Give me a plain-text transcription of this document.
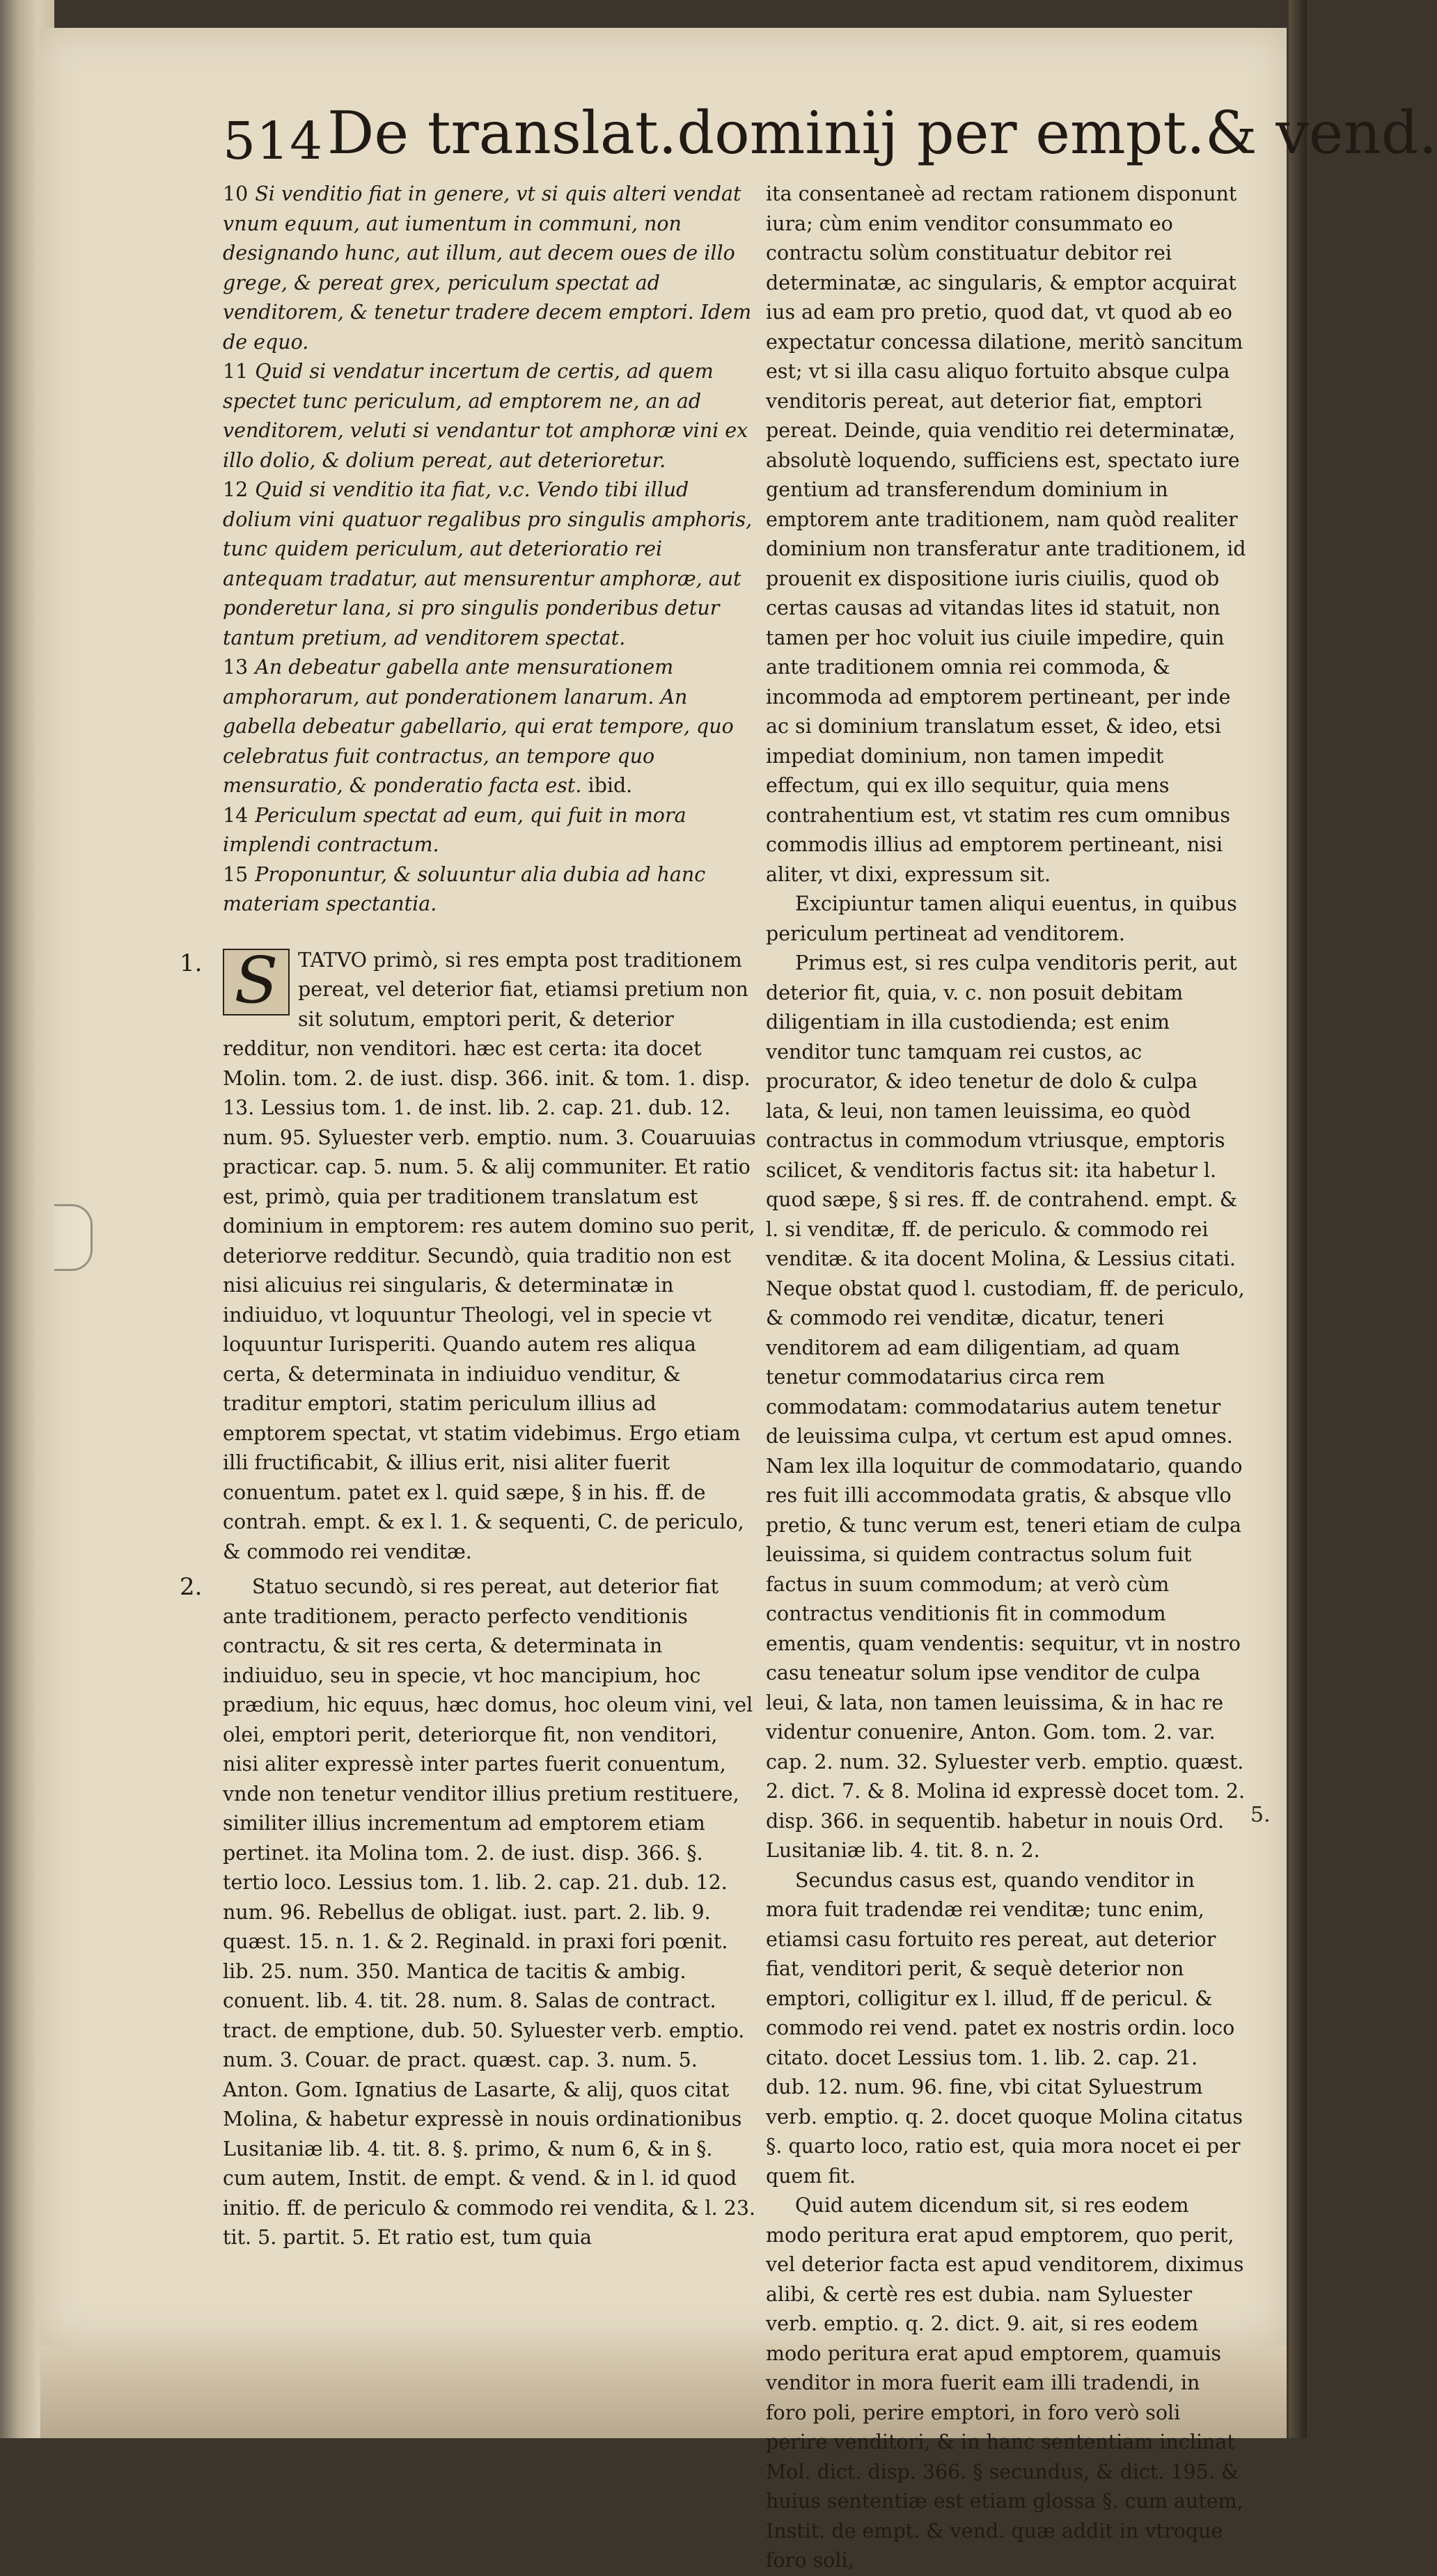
514 De translat.dominij per empt.& vend.

10 Si venditio fiat in genere, vt si quis alteri vendat vnum equum, aut iumentum in communi, non designando hunc, aut illum, aut decem oues de illo grege, & pereat grex, periculum spectat ad venditorem, & tenetur tradere decem emptori. Idem de equo.

11 Quid si vendatur incertum de certis, ad quem spectet tunc periculum, ad emptorem ne, an ad venditorem, veluti si vendantur tot amphoræ vini ex illo dolio, & dolium pereat, aut deterioretur.

12 Quid si venditio ita fiat, v.c. Vendo tibi illud dolium vini quatuor regalibus pro singulis amphoris, tunc quidem periculum, aut deterioratio rei antequam tradatur, aut mensurentur amphoræ, aut ponderetur lana, si pro singulis ponderibus detur tantum pretium, ad venditorem spectat.

13 An debeatur gabella ante mensurationem amphorarum, aut ponderationem lanarum. An gabella debeatur gabellario, qui erat tempore, quo celebratus fuit contractus, an tempore quo mensuratio, & ponderatio facta est. ibid.

14 Periculum spectat ad eum, qui fuit in mora implendi contractum.

15 Proponuntur, & soluuntur alia dubia ad hanc materiam spectantia.

1. S TATVO primò, si res empta post traditionem pereat, vel deterior fiat, etiamsi pretium non sit solutum, emptori perit, & deterior redditur, non venditori. hæc est certa: ita docet Molin. tom. 2. de iust. disp. 366. init. & tom. 1. disp. 13. Lessius tom. 1. de inst. lib. 2. cap. 21. dub. 12. num. 95. Syluester verb. emptio. num. 3. Couaruuias practicar. cap. 5. num. 5. & alij communiter. Et ratio est, primò, quia per traditionem translatum est dominium in emptorem: res autem domino suo perit, deteriorve redditur. Secundò, quia traditio non est nisi alicuius rei singularis, & determinatæ in indiuiduo, vt loquuntur Theologi, vel in specie vt loquuntur Iurisperiti. Quando autem res aliqua certa, & determinata in indiuiduo venditur, & traditur emptori, statim periculum illius ad emptorem spectat, vt statim videbimus. Ergo etiam illi fructificabit, & illius erit, nisi aliter fuerit conuentum. patet ex l. quid sæpe, § in his. ff. de contrah. empt. & ex l. 1. & sequenti, C. de periculo, & commodo rei venditæ.

2.	Statuo secundò, si res pereat, aut deterior fiat ante traditionem, peracto perfecto venditionis contractu, & sit res certa, & determinata in indiuiduo, seu in specie, vt hoc mancipium, hoc prædium, hic equus, hæc domus, hoc oleum vini, vel olei, emptori perit, deteriorque fit, non venditori, nisi aliter expressè inter partes fuerit conuentum, vnde non tenetur venditor illius pretium restituere, similiter illius incrementum ad emptorem etiam pertinet. ita Molina tom. 2. de iust. disp. 366. §. tertio loco. Lessius tom. 1. lib. 2. cap. 21. dub. 12. num. 96. Rebellus de obligat. iust. part. 2. lib. 9. quæst. 15. n. 1. & 2. Reginald. in praxi fori pœnit. lib. 25. num. 350. Mantica de tacitis & ambig. conuent. lib. 4. tit. 28. num. 8. Salas de contract. tract. de emptione, dub. 50. Syluester verb. emptio. num. 3. Couar. de pract. quæst. cap. 3. num. 5. Anton. Gom. Ignatius de Lasarte, & alij, quos citat Molina, & habetur expressè in nouis ordinationibus Lusitaniæ lib. 4. tit. 8. §. primo, & num 6, & in §. cum autem, Instit. de empt. & vend. & in l. id quod initio. ff. de periculo & commodo rei vendita, & l. 23. tit. 5. partit. 5. Et ratio est, tum quia

ita consentaneè ad rectam rationem disponunt iura; cùm enim venditor consummato eo contractu solùm constituatur debitor rei determinatæ, ac singularis, & emptor acquirat ius ad eam pro pretio, quod dat, vt quod ab eo expectatur concessa dilatione, meritò sancitum est; vt si illa casu aliquo fortuito absque culpa venditoris pereat, aut deterior fiat, emptori pereat. Deinde, quia venditio rei determinatæ, absolutè loquendo, sufficiens est, spectato iure gentium ad transferendum dominium in emptorem ante traditionem, nam quòd realiter dominium non transferatur ante traditionem, id prouenit ex dispositione iuris ciuilis, quod ob certas causas ad vitandas lites id statuit, non tamen per hoc voluit ius ciuile impedire, quin ante traditionem omnia rei commoda, & incommoda ad emptorem pertineant, per inde ac si dominium translatum esset, & ideo, etsi impediat dominium, non tamen impedit effectum, qui ex illo sequitur, quia mens contrahentium est, vt statim res cum omnibus commodis illius ad emptorem pertineant, nisi aliter, vt dixi, expressum sit.

Excipiuntur tamen aliqui euentus, in quibus periculum pertineat ad venditorem.

Primus est, si res culpa venditoris perit, aut deterior fit, quia, v. c. non posuit debitam diligentiam in illa custodienda; est enim venditor tunc tamquam rei custos, ac procurator, & ideo tenetur de dolo & culpa lata, & leui, non tamen leuissima, eo quòd contractus in commodum vtriusque, emptoris scilicet, & venditoris factus sit: ita habetur l. quod sæpe, § si res. ff. de contrahend. empt. & l. si venditæ, ff. de periculo. & commodo rei venditæ. & ita docent Molina, & Lessius citati. Neque obstat quod l. custodiam, ff. de periculo, & commodo rei venditæ, dicatur, teneri venditorem ad eam diligentiam, ad quam tenetur commodatarius circa rem commodatam: commodatarius autem tenetur de leuissima culpa, vt certum est apud omnes. Nam lex illa loquitur de commodatario, quando res fuit illi accommodata gratis, & absque vllo pretio, & tunc verum est, teneri etiam de culpa leuissima, si quidem contractus solum fuit factus in suum commodum; at verò cùm contractus venditionis fit in commodum ementis, quam vendentis: sequitur, vt in nostro casu teneatur solum ipse venditor de culpa leui, & lata, non tamen leuissima, & in hac re videntur conuenire, Anton. Gom. tom. 2. var. cap. 2. num. 32. Syluester verb. emptio. quæst. 2. dict. 7. & 8. Molina id expressè docet tom. 2. disp. 366. in sequentib. habetur in nouis Ord. Lusitaniæ lib. 4. tit. 8. n. 2.

Secundus casus est, quando venditor in mora fuit tradendæ rei venditæ; tunc enim, etiamsi casu fortuito res pereat, aut deterior fiat, venditori perit, & sequè deterior non emptori, colligitur ex l. illud, ff de pericul. & commodo rei vend. patet ex nostris ordin. loco citato. docet Lessius tom. 1. lib. 2. cap. 21. dub. 12. num. 96. fine, vbi citat Syluestrum verb. emptio. q. 2. docet quoque Molina citatus §. quarto loco, ratio est, quia mora nocet ei per quem fit.

Quid autem dicendum sit, si res eodem modo peritura erat apud emptorem, quo perit, vel deterior facta est apud venditorem, diximus alibi, & certè res est dubia. nam Syluester verb. emptio. q. 2. dict. 9. ait, si res eodem modo peritura erat apud emptorem, quamuis venditor in mora fuerit eam illi tradendi, in foro poli, perire emptori, in foro verò soli perire venditori, & in hanc sententiam inclinat Mol. dict. disp. 366. § secundus, & dict. 195. & huius sententiæ est etiam glossa §. cum autem, Instit. de empt. & vend. quæ addit in vtroque foro soli,

5.
